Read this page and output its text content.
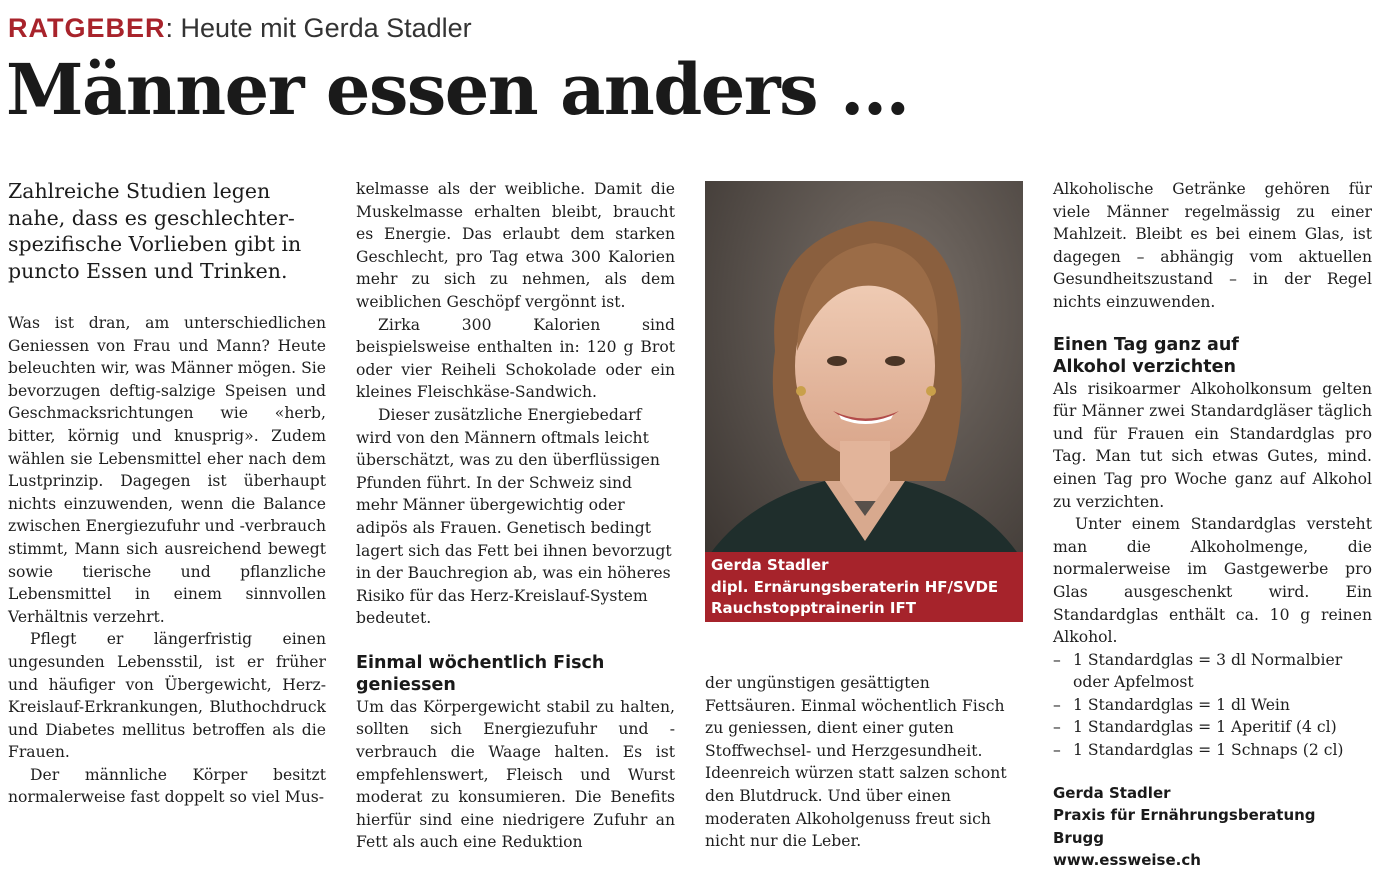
RATGEBER: Heute mit Gerda Stadler
Männer essen anders …

Zahlreiche Studien legen nahe, dass es geschlechterspezifische Vorlieben gibt in puncto Essen und Trinken.

Was ist dran, am unterschiedlichen Geniessen von Frau und Mann? Heute beleuchten wir, was Männer mögen. Sie bevorzugen deftig-salzige Speisen und Geschmacksrichtungen wie «herb, bitter, körnig und knusprig». Zudem wählen sie Lebensmittel eher nach dem Lustprinzip. Dagegen ist überhaupt nichts einzuwenden, wenn die Balance zwischen Energiezufuhr und -verbrauch stimmt, Mann sich ausreichend bewegt sowie tierische und pflanzliche Lebensmittel in einem sinnvollen Verhältnis verzehrt.

Pflegt er längerfristig einen ungesunden Lebensstil, ist er früher und häufiger von Übergewicht, Herz-Kreislauf-Erkrankungen, Bluthochdruck und Diabetes mellitus betroffen als die Frauen.

Der männliche Körper besitzt normalerweise fast doppelt so viel Mus-

kelmasse als der weibliche. Damit die Muskelmasse erhalten bleibt, braucht es Energie. Das erlaubt dem starken Geschlecht, pro Tag etwa 300 Kalorien mehr zu sich zu nehmen, als dem weiblichen Geschöpf vergönnt ist.

Zirka 300 Kalorien sind beispielsweise enthalten in: 120 g Brot oder vier Reiheli Schokolade oder ein kleines Fleischkäse-Sandwich.

Dieser zusätzliche Energiebedarf wird von den Männern oftmals leicht überschätzt, was zu den überflüssigen Pfunden führt. In der Schweiz sind mehr Männer übergewichtig oder adipös als Frauen. Genetisch bedingt lagert sich das Fett bei ihnen bevorzugt in der Bauchregion ab, was ein höheres Risiko für das Herz-Kreislauf-System bedeutet.

Einmal wöchentlich Fisch
geniessen

Um das Körpergewicht stabil zu halten, sollten sich Energiezufuhr und -verbrauch die Waage halten. Es ist empfehlenswert, Fleisch und Wurst moderat zu konsumieren. Die Benefits hierfür sind eine niedrigere Zufuhr an Fett als auch eine Reduktion

Gerda Stadler
dipl. Ernärungsberaterin HF/SVDE
Rauchstopptrainerin IFT

der ungünstigen gesättigten Fettsäuren. Einmal wöchentlich Fisch zu geniessen, dient einer guten Stoffwechsel- und Herzgesundheit. Ideenreich würzen statt salzen schont den Blutdruck. Und über einen moderaten Alkoholgenuss freut sich nicht nur die Leber.

Alkoholische Getränke gehören für viele Männer regelmässig zu einer Mahlzeit. Bleibt es bei einem Glas, ist dagegen – abhängig vom aktuellen Gesundheitszustand – in der Regel nichts einzuwenden.

Einen Tag ganz auf
Alkohol verzichten

Als risikoarmer Alkoholkonsum gelten für Männer zwei Standardgläser täglich und für Frauen ein Standardglas pro Tag. Man tut sich etwas Gutes, mind. einen Tag pro Woche ganz auf Alkohol zu verzichten.

Unter einem Standardglas versteht man die Alkoholmenge, die normalerweise im Gastgewerbe pro Glas ausgeschenkt wird. Ein Standardglas enthält ca. 10 g reinen Alkohol.

– 1 Standardglas = 3 dl Normalbier oder Apfelmost
– 1 Standardglas = 1 dl Wein
– 1 Standardglas = 1 Aperitif (4 cl)
– 1 Standardglas = 1 Schnaps (2 cl)
Gerda Stadler
Praxis für Ernährungsberatung
Brugg
www.essweise.ch
